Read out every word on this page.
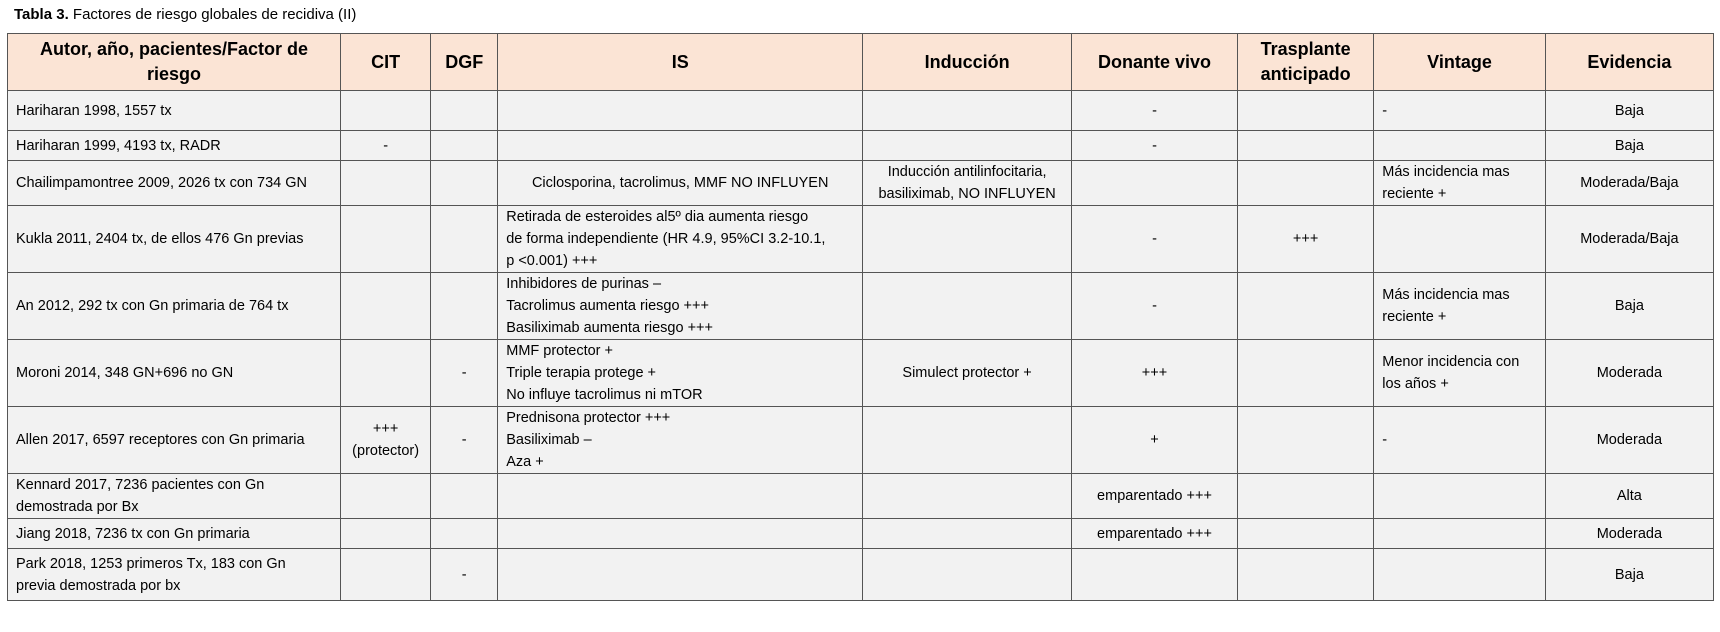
Tabla 3. Factores de riesgo globales de recidiva (II)
Autor, año, pacientes/Factor de riesgo	CIT	DGF	IS	Inducción	Donante vivo	Trasplante anticipado	Vintage	Evidencia
Hariharan 1998, 1557 tx					-		-	Baja
Hariharan 1999, 4193 tx, RADR	-				-			Baja
Chailimpamontree 2009, 2026 tx con 734 GN			Ciclosporina, tacrolimus, MMF NO INFLUYEN	Inducción antilinfocitaria,
basiliximab, NO INFLUYEN			Más incidencia mas
reciente +	Moderada/Baja
Kukla 2011, 2404 tx, de ellos 476 Gn previas			Retirada de esteroides al5º dia aumenta riesgo
de forma independiente (HR 4.9, 95%CI 3.2-10.1,
p <0.001) +++		-	+++		Moderada/Baja
An 2012, 292 tx con Gn primaria de 764 tx			Inhibidores de purinas –
Tacrolimus aumenta riesgo +++
Basiliximab aumenta riesgo +++		-		Más incidencia mas
reciente +	Baja
Moroni 2014, 348 GN+696 no GN		-	MMF protector +
Triple terapia protege +
No influye tacrolimus ni mTOR	Simulect protector +	+++		Menor incidencia con
los años +	Moderada
Allen 2017, 6597 receptores con Gn primaria	+++
(protector)	-	Prednisona protector +++
Basiliximab –
Aza +		+		-	Moderada
Kennard 2017, 7236 pacientes con Gn
demostrada por Bx					emparentado +++			Alta
Jiang 2018, 7236 tx con Gn primaria					emparentado +++			Moderada
Park 2018, 1253 primeros Tx, 183 con Gn
previa demostrada por bx		-						Baja
